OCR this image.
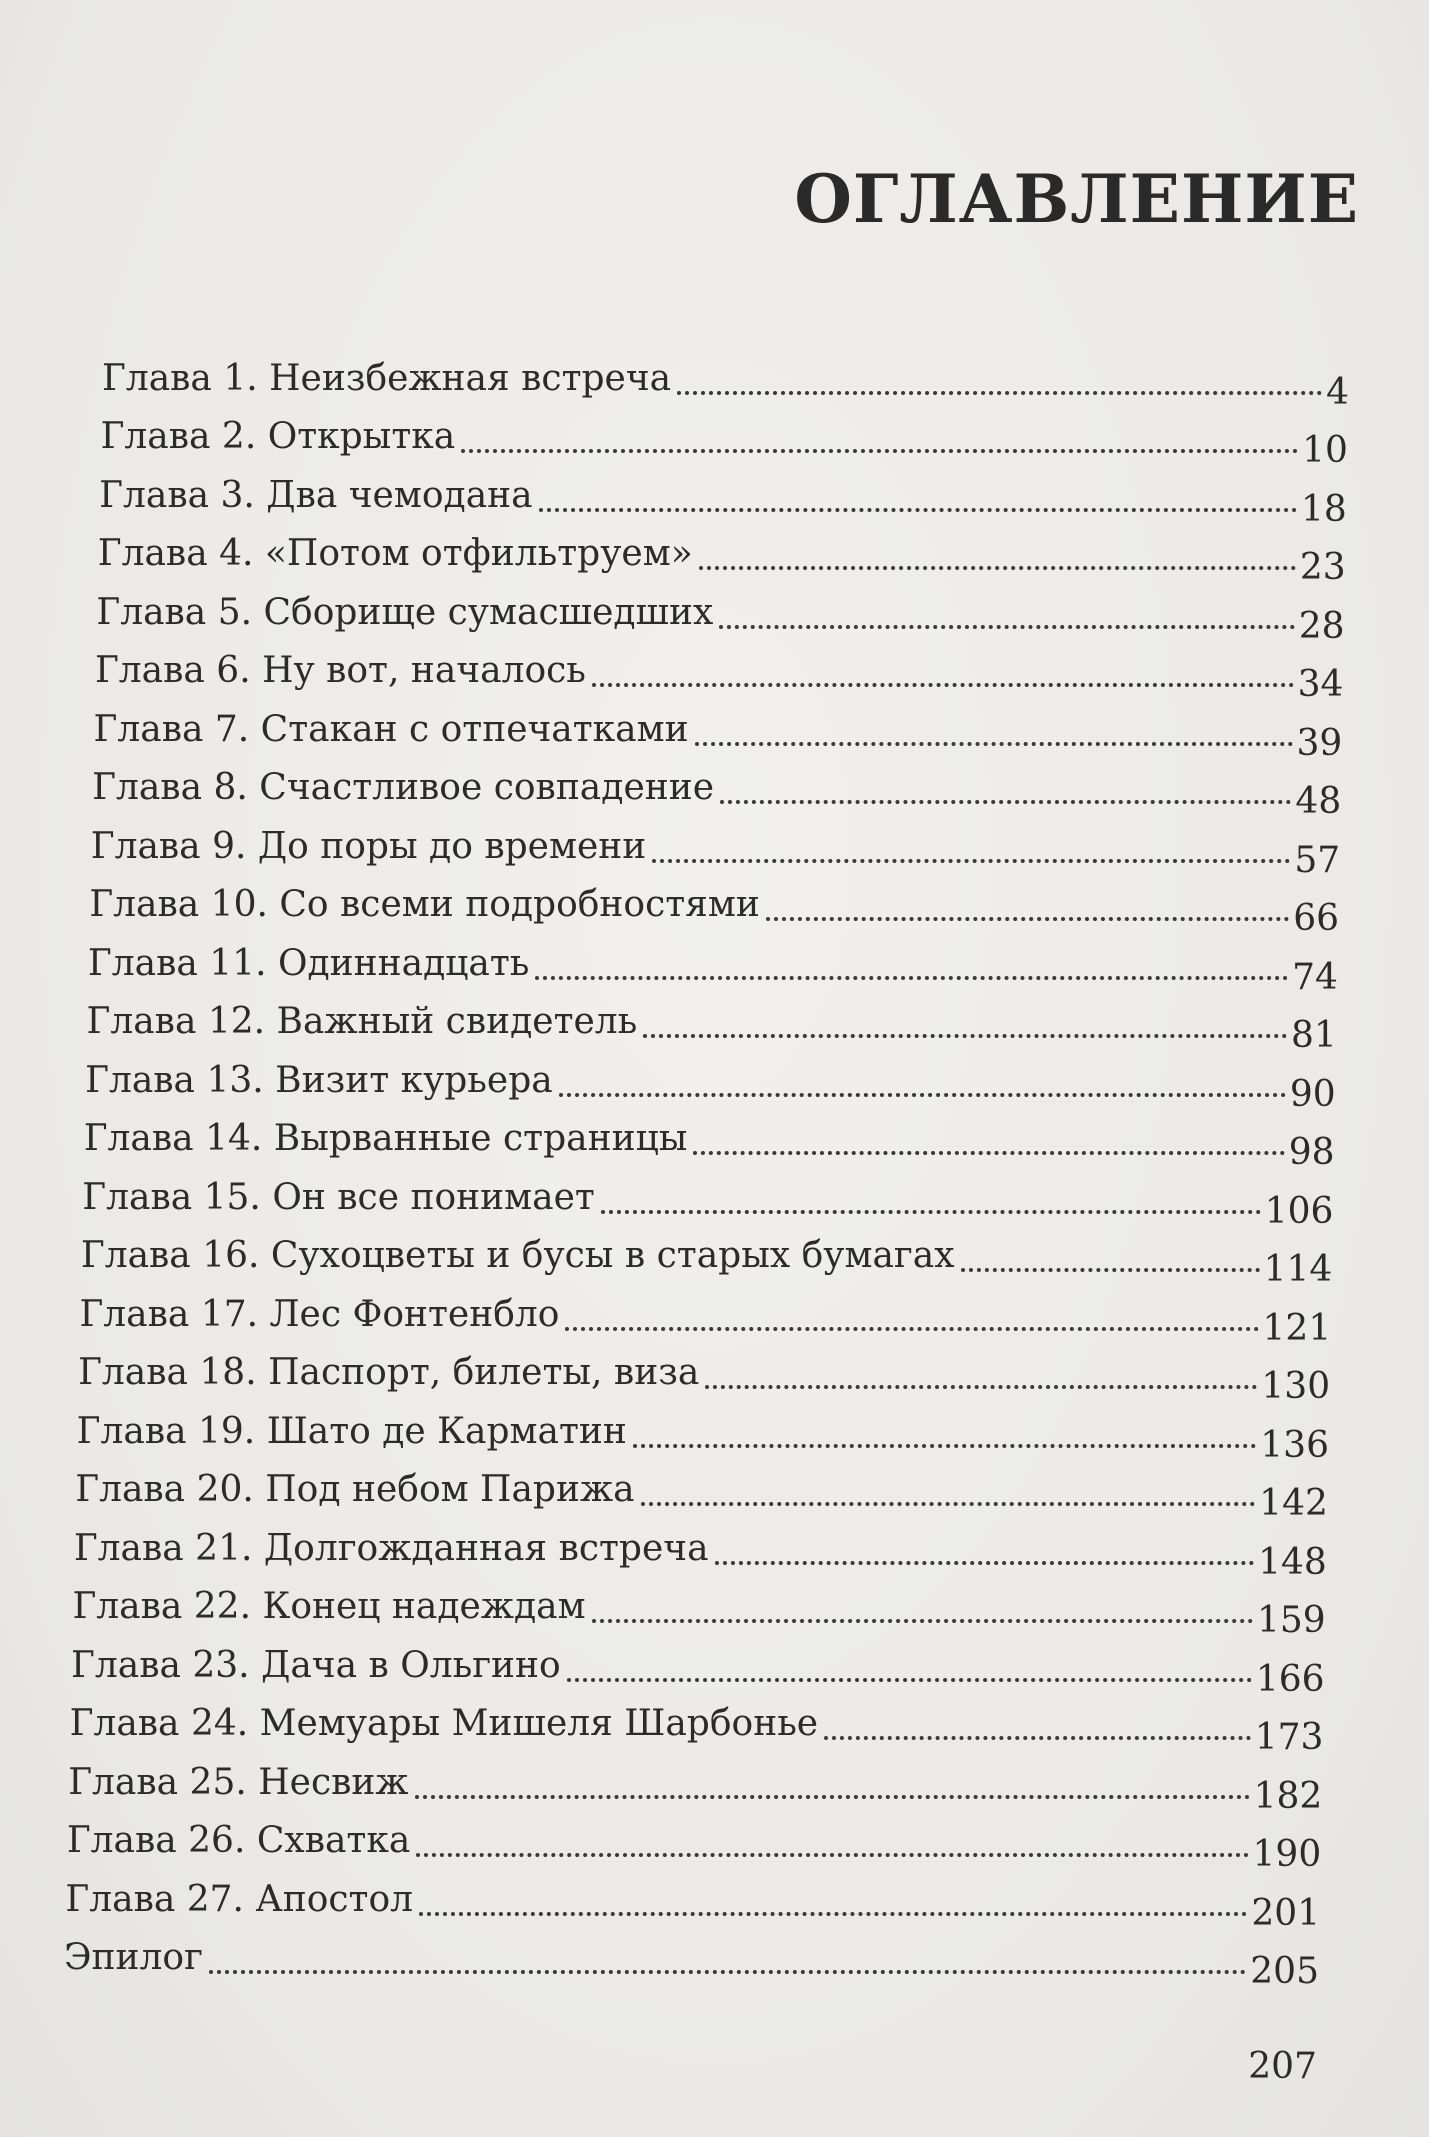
ОГЛАВЛЕНИЕ
Глава 1. Неизбежная встреча	4
Глава 2. Открытка	10
Глава 3. Два чемодана	18
Глава 4. «Потом отфильтруем»	23
Глава 5. Сборище сумасшедших	28
Глава 6. Ну вот, началось	34
Глава 7. Стакан с отпечатками	39
Глава 8. Счастливое совпадение	48
Глава 9. До поры до времени	57
Глава 10. Со всеми подробностями	66
Глава 11. Одиннадцать	74
Глава 12. Важный свидетель	81
Глава 13. Визит курьера	90
Глава 14. Вырванные страницы	98
Глава 15. Он все понимает	106
Глава 16. Сухоцветы и бусы в старых бумагах	114
Глава 17. Лес Фонтенбло	121
Глава 18. Паспорт, билеты, виза	130
Глава 19. Шато де Карматин	136
Глава 20. Под небом Парижа	142
Глава 21. Долгожданная встреча	148
Глава 22. Конец надеждам	159
Глава 23. Дача в Ольгино	166
Глава 24. Мемуары Мишеля Шарбонье	173
Глава 25. Несвиж	182
Глава 26. Схватка	190
Глава 27. Апостол	201
Эпилог	205
207
